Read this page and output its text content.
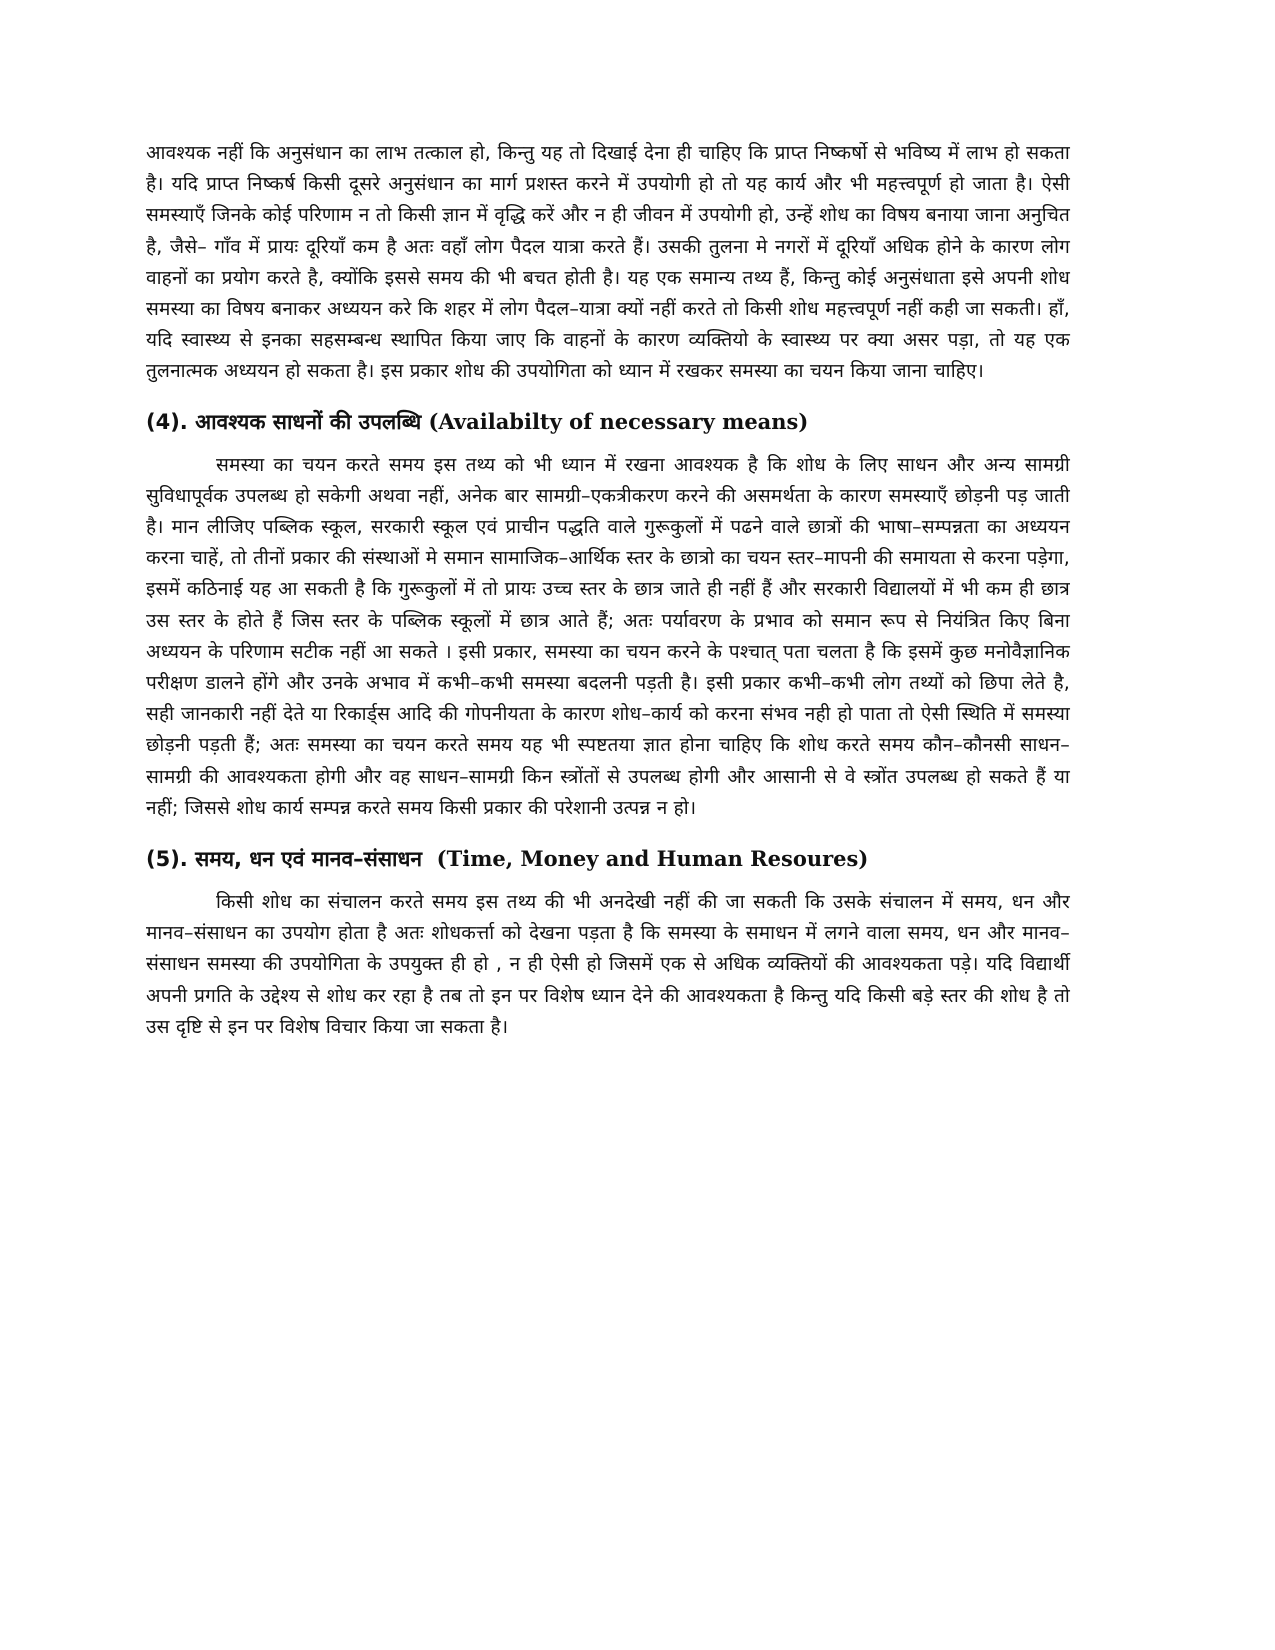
आवश्यक नहीं कि अनुसंधान का लाभ तत्काल हो, किन्तु यह तो दिखाई देना ही चाहिए कि प्राप्त निष्कर्षो से भविष्य में लाभ हो सकता है। यदि प्राप्त निष्कर्ष किसी दूसरे अनुसंधान का मार्ग प्रशस्त करने में उपयोगी हो तो यह कार्य और भी महत्त्वपूर्ण हो जाता है। ऐसी समस्याएँ जिनके कोई परिणाम न तो किसी ज्ञान में वृद्धि करें और न ही जीवन में उपयोगी हो, उन्हें शोध का विषय बनाया जाना अनुचित है, जैसे– गाँव में प्रायः दूरियाँ कम है अतः वहाँ लोग पैदल यात्रा करते हैं। उसकी तुलना मे नगरों में दूरियाँ अधिक होने के कारण लोग वाहनों का प्रयोग करते है, क्योंकि इससे समय की भी बचत होती है। यह एक समान्य तथ्य हैं, किन्तु कोई अनुसंधाता इसे अपनी शोध समस्या का विषय बनाकर अध्ययन करे कि शहर में लोग पैदल–यात्रा क्यों नहीं करते तो किसी शोध महत्त्वपूर्ण नहीं कही जा सकती। हाँ, यदि स्वास्थ्य से इनका सहसम्बन्ध स्थापित किया जाए कि वाहनों के कारण व्यक्तियो के स्वास्थ्य पर क्या असर पड़ा, तो यह एक तुलनात्मक अध्ययन हो सकता है। इस प्रकार शोध की उपयोगिता को ध्यान में रखकर समस्या का चयन किया जाना चाहिए।

(4). आवश्यक साधनों की उपलब्धि (Availabilty of necessary means)

समस्या का चयन करते समय इस तथ्य को भी ध्यान में रखना आवश्यक है कि शोध के लिए साधन और अन्य सामग्री सुविधापूर्वक उपलब्ध हो सकेगी अथवा नहीं, अनेक बार सामग्री–एकत्रीकरण करने की असमर्थता के कारण समस्याएँ छोड़नी पड़ जाती है। मान लीजिए पब्लिक स्कूल, सरकारी स्कूल एवं प्राचीन पद्धति वाले गुरूकुलों में पढने वाले छात्रों की भाषा–सम्पन्नता का अध्ययन करना चाहें, तो तीनों प्रकार की संस्थाओं मे समान सामाजिक–आर्थिक स्तर के छात्रो का चयन स्तर–मापनी की समायता से करना पड़ेगा, इसमें कठिनाई यह आ सकती है कि गुरूकुलों में तो प्रायः उच्च स्तर के छात्र जाते ही नहीं हैं और सरकारी विद्यालयों में भी कम ही छात्र उस स्तर के होते हैं जिस स्तर के पब्लिक स्कूलों में छात्र आते हैं; अतः पर्यावरण के प्रभाव को समान रूप से नियंत्रित किए बिना अध्ययन के परिणाम सटीक नहीं आ सकते । इसी प्रकार, समस्या का चयन करने के पश्चात् पता चलता है कि इसमें कुछ मनोवैज्ञानिक परीक्षण डालने होंगे और उनके अभाव में कभी–कभी समस्या बदलनी पड़ती है। इसी प्रकार कभी–कभी लोग तथ्यों को छिपा लेते है, सही जानकारी नहीं देते या रिकार्ड्स आदि की गोपनीयता के कारण शोध–कार्य को करना संभव नही हो पाता तो ऐसी स्थिति में समस्या छोड़नी पड़ती हैं; अतः समस्या का चयन करते समय यह भी स्पष्टतया ज्ञात होना चाहिए कि शोध करते समय कौन–कौनसी साधन–सामग्री की आवश्यकता होगी और वह साधन–सामग्री किन स्त्रोंतों से उपलब्ध होगी और आसानी से वे स्त्रोंत उपलब्ध हो सकते हैं या नहीं; जिससे शोध कार्य सम्पन्न करते समय किसी प्रकार की परेशानी उत्पन्न न हो।

(5). समय, धन एवं मानव–संसाधन (Time, Money and Human Resoures)

किसी शोध का संचालन करते समय इस तथ्य की भी अनदेखी नहीं की जा सकती कि उसके संचालन में समय, धन और मानव–संसाधन का उपयोग होता है अतः शोधकर्त्ता को देखना पड़ता है कि समस्या के समाधन में लगने वाला समय, धन और मानव–संसाधन समस्या की उपयोगिता के उपयुक्त ही हो , न ही ऐसी हो जिसमें एक से अधिक व्यक्तियों की आवश्यकता पड़े। यदि विद्यार्थी अपनी प्रगति के उद्देश्य से शोध कर रहा है तब तो इन पर विशेष ध्यान देने की आवश्यकता है किन्तु यदि किसी बड़े स्तर की शोध है तो उस दृष्टि से इन पर विशेष विचार किया जा सकता है।
